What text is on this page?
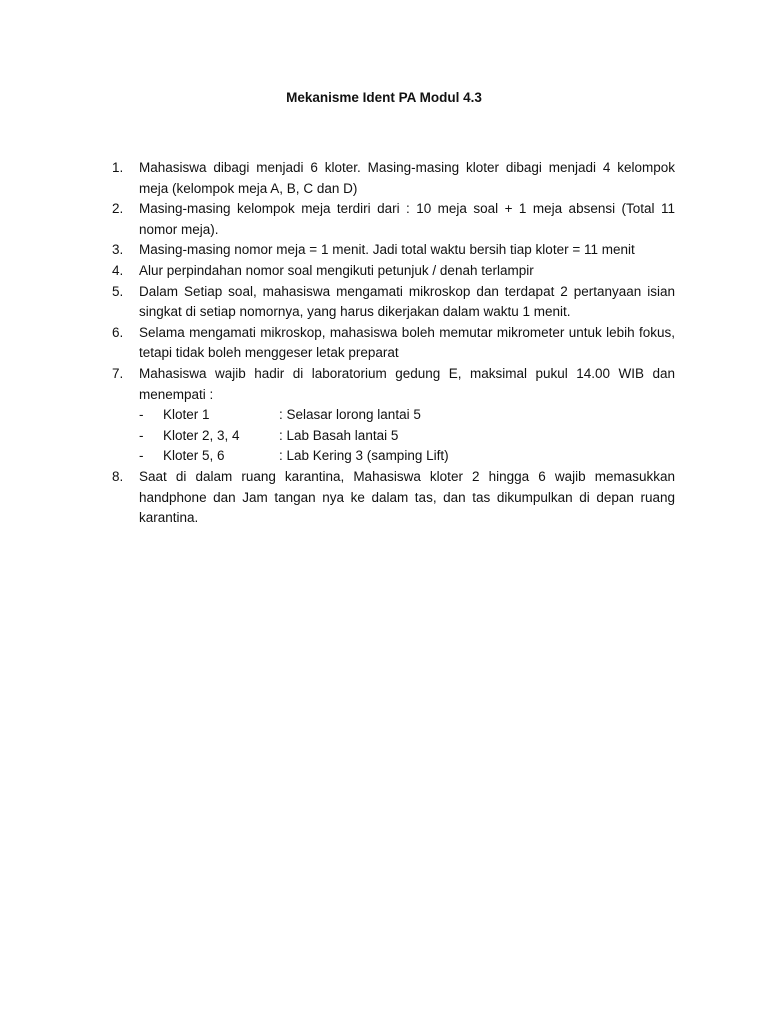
Mekanisme Ident PA Modul 4.3
1. Mahasiswa dibagi menjadi 6 kloter. Masing-masing kloter dibagi menjadi 4 kelompok meja (kelompok meja A, B, C dan D)
2. Masing-masing kelompok meja terdiri dari : 10 meja soal + 1 meja absensi (Total 11 nomor meja).
3. Masing-masing nomor meja = 1 menit. Jadi total waktu bersih tiap kloter = 11 menit
4. Alur perpindahan nomor soal mengikuti petunjuk / denah terlampir
5. Dalam Setiap soal, mahasiswa mengamati mikroskop dan terdapat 2 pertanyaan isian singkat di setiap nomornya, yang harus dikerjakan dalam waktu 1 menit.
6. Selama mengamati mikroskop, mahasiswa boleh memutar mikrometer untuk lebih fokus, tetapi tidak boleh menggeser letak preparat
7. Mahasiswa wajib hadir di laboratorium gedung E, maksimal pukul 14.00 WIB dan menempati :
- Kloter 1	: Selasar lorong lantai 5
- Kloter 2, 3, 4	: Lab Basah lantai 5
- Kloter 5, 6	: Lab Kering 3 (samping Lift)
8. Saat di dalam ruang karantina, Mahasiswa kloter 2 hingga 6 wajib memasukkan handphone dan Jam tangan nya ke dalam tas, dan tas dikumpulkan di depan ruang karantina.
